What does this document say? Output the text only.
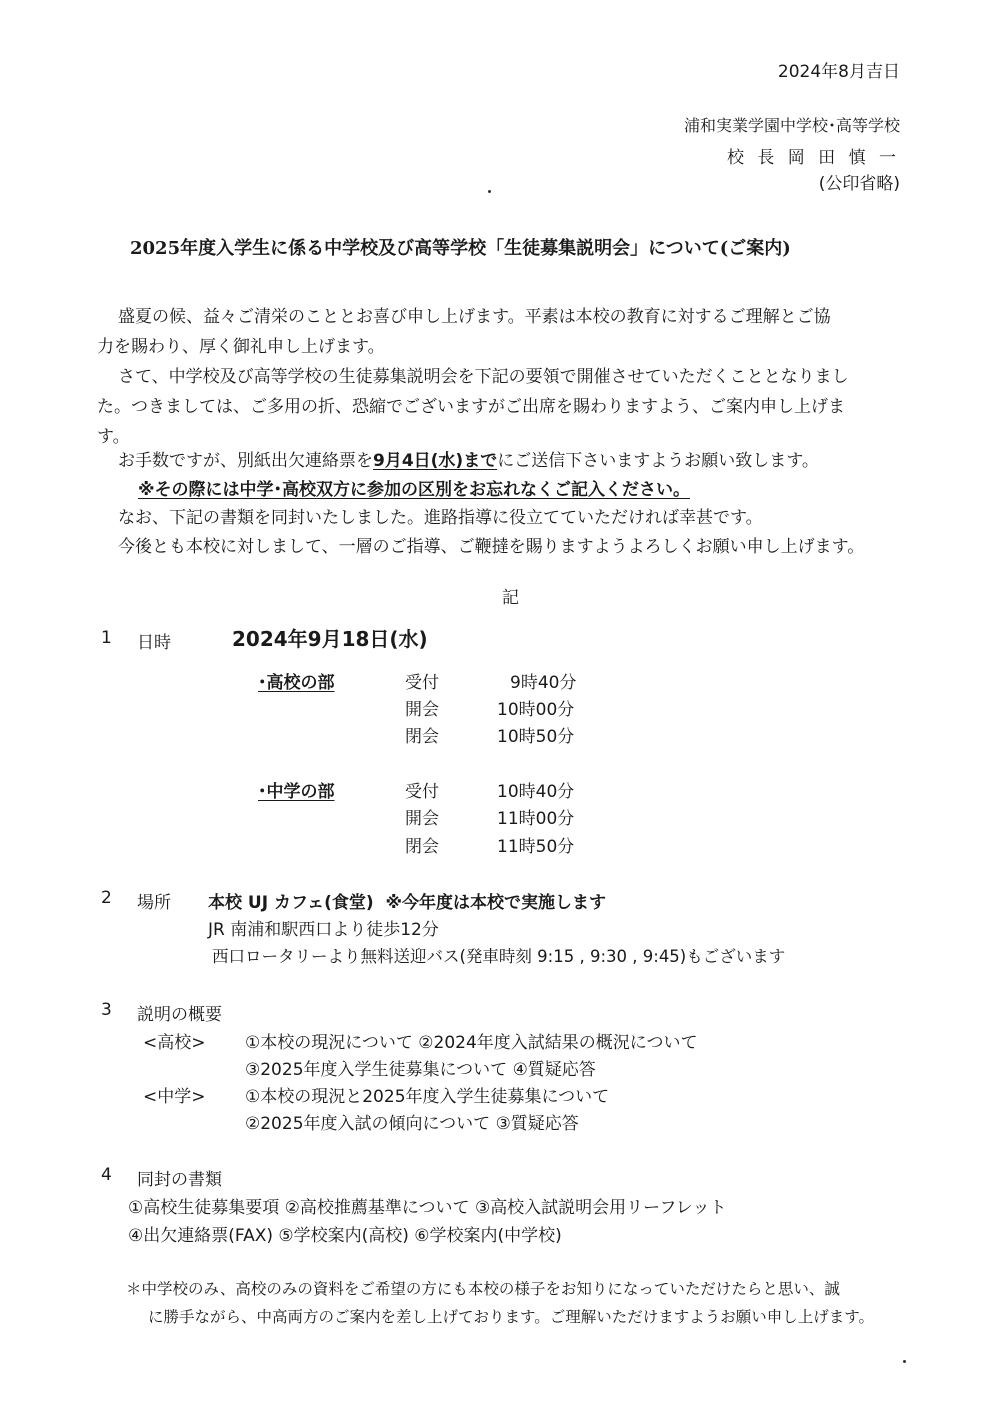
2024年8月吉日
浦和実業学園中学校･高等学校
校 長 岡 田 慎 一
(公印省略)
2025年度入学生に係る中学校及び高等学校「生徒募集説明会」について(ご案内)
盛夏の候、益々ご清栄のこととお喜び申し上げます。平素は本校の教育に対するご理解とご協
力を賜わり、厚く御礼申し上げます。
さて、中学校及び高等学校の生徒募集説明会を下記の要領で開催させていただくこととなりまし
た。つきましては、ご多用の折、恐縮でございますがご出席を賜わりますよう、ご案内申し上げま
す。
お手数ですが、別紙出欠連絡票を9月4日(水)までにご送信下さいますようお願い致します。
※その際には中学･高校双方に参加の区別をお忘れなくご記入ください。
なお、下記の書類を同封いたしました。進路指導に役立てていただければ幸甚です。
今後とも本校に対しまして、一層のご指導、ご鞭撻を賜りますようよろしくお願い申し上げます。
記
1 日時	2024年9月18日(水)
･高校の部	受付	9時40分
開会	10時00分
閉会	10時50分
･中学の部	受付	10時40分
開会	11時00分
閉会	11時50分
2 場所 本校 UJ カフェ(食堂) ※今年度は本校で実施します
JR 南浦和駅西口より徒歩12分
西口ロータリーより無料送迎バス(発車時刻 9:15 , 9:30 , 9:45)もございます
3 説明の概要
<高校> ①本校の現況について ②2024年度入試結果の概況について
③2025年度入学生徒募集について ④質疑応答
<中学> ①本校の現況と2025年度入学生徒募集について
②2025年度入試の傾向について ③質疑応答
4 同封の書類
①高校生徒募集要項 ②高校推薦基準について ③高校入試説明会用リーフレット
④出欠連絡票(FAX) ⑤学校案内(高校) ⑥学校案内(中学校)
＊中学校のみ、高校のみの資料をご希望の方にも本校の様子をお知りになっていただけたらと思い、誠
に勝手ながら、中高両方のご案内を差し上げております。ご理解いただけますようお願い申し上げます。
